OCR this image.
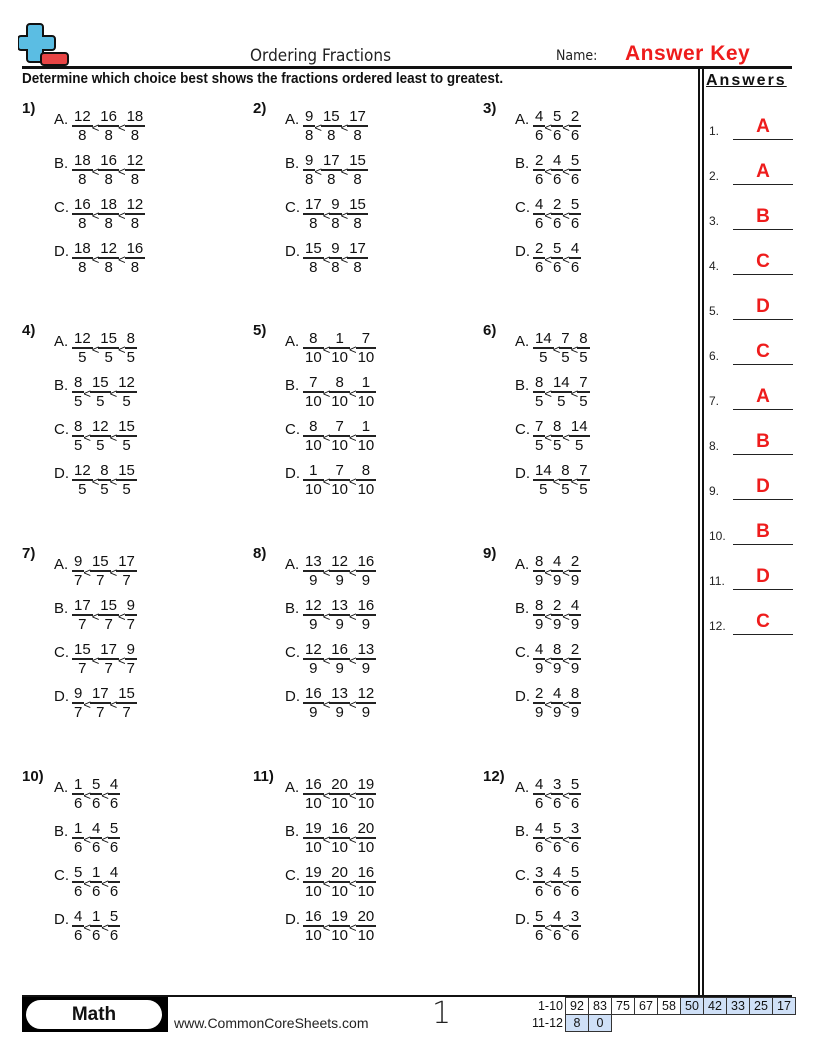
Ordering Fractions	Name: Answer Key
Determine which choice best shows the fractions ordered least to greatest.	Answers
1.	A
2.	A
3.	B
4.	C
5.	D
6.	C
7.	A
8.	B
9.	D
10.	B
11.	D
12.	C
1)
A. $\frac{12}{8} < \frac{16}{8} < \frac{18}{8}$
B. $\frac{18}{8} < \frac{16}{8} < \frac{12}{8}$
C. $\frac{16}{8} < \frac{18}{8} < \frac{12}{8}$
D. $\frac{18}{8} < \frac{12}{8} < \frac{16}{8}$
2)
A. $\frac{9}{8} < \frac{15}{8} < \frac{17}{8}$
B. $\frac{9}{8} < \frac{17}{8} < \frac{15}{8}$
C. $\frac{17}{8} < \frac{9}{8} < \frac{15}{8}$
D. $\frac{15}{8} < \frac{9}{8} < \frac{17}{8}$
3)
A. $\frac{4}{6} < \frac{5}{6} < \frac{2}{6}$
B. $\frac{2}{6} < \frac{4}{6} < \frac{5}{6}$
C. $\frac{4}{6} < \frac{2}{6} < \frac{5}{6}$
D. $\frac{2}{6} < \frac{5}{6} < \frac{4}{6}$
4)
A. $\frac{12}{5} < \frac{15}{5} < \frac{8}{5}$
B. $\frac{8}{5} < \frac{15}{5} < \frac{12}{5}$
C. $\frac{8}{5} < \frac{12}{5} < \frac{15}{5}$
D. $\frac{12}{5} < \frac{8}{5} < \frac{15}{5}$
5)
A. $\frac{8}{10} < \frac{1}{10} < \frac{7}{10}$
B. $\frac{7}{10} < \frac{8}{10} < \frac{1}{10}$
C. $\frac{8}{10} < \frac{7}{10} < \frac{1}{10}$
D. $\frac{1}{10} < \frac{7}{10} < \frac{8}{10}$
6)
A. $\frac{14}{5} < \frac{7}{5} < \frac{8}{5}$
B. $\frac{8}{5} < \frac{14}{5} < \frac{7}{5}$
C. $\frac{7}{5} < \frac{8}{5} < \frac{14}{5}$
D. $\frac{14}{5} < \frac{8}{5} < \frac{7}{5}$
7)
A. $\frac{9}{7} < \frac{15}{7} < \frac{17}{7}$
B. $\frac{17}{7} < \frac{15}{7} < \frac{9}{7}$
C. $\frac{15}{7} < \frac{17}{7} < \frac{9}{7}$
D. $\frac{9}{7} < \frac{17}{7} < \frac{15}{7}$
8)
A. $\frac{13}{9} < \frac{12}{9} < \frac{16}{9}$
B. $\frac{12}{9} < \frac{13}{9} < \frac{16}{9}$
C. $\frac{12}{9} < \frac{16}{9} < \frac{13}{9}$
D. $\frac{16}{9} < \frac{13}{9} < \frac{12}{9}$
9)
A. $\frac{8}{9} < \frac{4}{9} < \frac{2}{9}$
B. $\frac{8}{9} < \frac{2}{9} < \frac{4}{9}$
C. $\frac{4}{9} < \frac{8}{9} < \frac{2}{9}$
D. $\frac{2}{9} < \frac{4}{9} < \frac{8}{9}$
10)
A. $\frac{1}{6} < \frac{5}{6} < \frac{4}{6}$
B. $\frac{1}{6} < \frac{4}{6} < \frac{5}{6}$
C. $\frac{5}{6} < \frac{1}{6} < \frac{4}{6}$
D. $\frac{4}{6} < \frac{1}{6} < \frac{5}{6}$
11)
A. $\frac{16}{10} < \frac{20}{10} < \frac{19}{10}$
B. $\frac{19}{10} < \frac{16}{10} < \frac{20}{10}$
C. $\frac{19}{10} < \frac{20}{10} < \frac{16}{10}$
D. $\frac{16}{10} < \frac{19}{10} < \frac{20}{10}$
12)
A. $\frac{4}{6} < \frac{3}{6} < \frac{5}{6}$
B. $\frac{4}{6} < \frac{5}{6} < \frac{3}{6}$
C. $\frac{3}{6} < \frac{4}{6} < \frac{5}{6}$
D. $\frac{5}{6} < \frac{4}{6} < \frac{3}{6}$
Math	www.CommonCoreSheets.com 1	1-10 92 83 75 67 58 50 42 33 25 17
11-12 8	0
